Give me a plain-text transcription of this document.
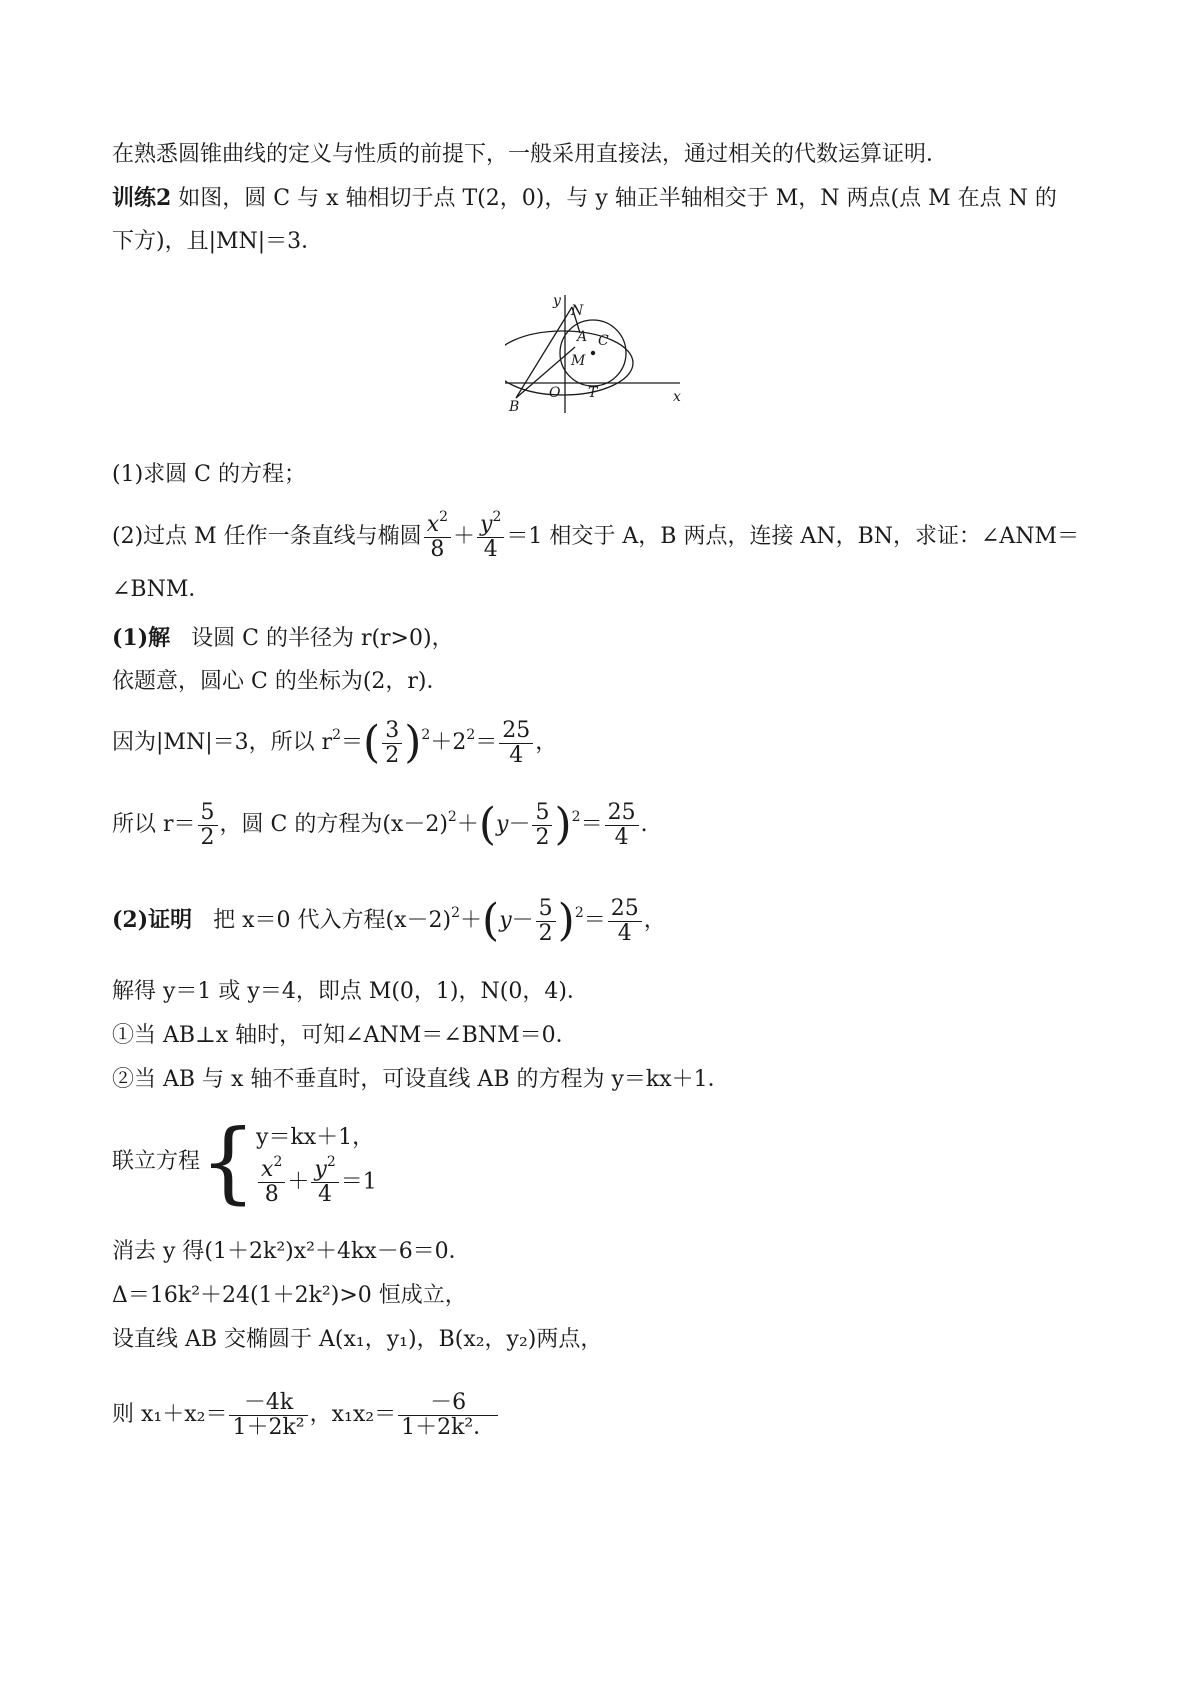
在熟悉圆锥曲线的定义与性质的前提下，一般采用直接法，通过相关的代数运算证明．
训练2 如图，圆 C 与 x 轴相切于点 T(2，0)，与 y 轴正半轴相交于 M，N 两点(点 M 在点 N 的
下方)，且|MN|＝3．
y
N
A C
M
O T	x
B
(1)求圆 C 的方程；
(2)过点 M 任作一条直线与椭圆 $\frac{x^2}{8} + \frac{y^2}{4} =1$ 相交于 A，B 两点，连接 AN，BN，求证：∠ANM＝
∠BNM．
(1)解 设圆 C 的半径为 r(r>0)，
依题意，圆心 C 的坐标为(2，r)．
因为|MN|＝3，所以 $r^2=( \frac{3}{2} )^2+2^2= \frac{25}{4}$ ，
所以 $r= \frac{5}{2}$ ，圆 C 的方程为$(x-2)^2+(y- \frac{5}{2} )^2= \frac{25}{4}$ .
(2)证明 把 x＝0 代入方程$(x-2)^2+(y- \frac{5}{2} )^2= \frac{25}{4}$ ，
解得 y＝1 或 y＝4，即点 M(0，1)，N(0，4)．
①当 AB⊥x 轴时，可知∠ANM＝∠BNM＝0．
②当 AB 与 x 轴不垂直时，可设直线 AB 的方程为 y＝kx＋1．
联立方程{ y＝kx＋1，
$\frac{x^2}{8} + \frac{y^2}{4} =1$
消去 y 得(1＋2k²)x²＋4kx－6＝0．
Δ＝16k²＋24(1＋2k²)>0 恒成立，
设直线 AB 交椭圆于 A(x₁，y₁)，B(x₂，y₂)两点，
则 $x_1+x_2= \frac{-4k}{\text{1＋2k²}}$ ，$x_1x_2= \frac{-6}{\text{1＋2k²．}}$
